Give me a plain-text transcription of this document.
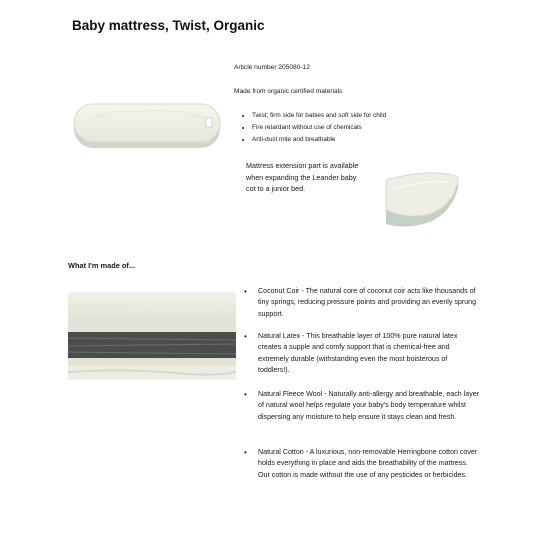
Baby mattress, Twist, Organic
Article number 205080-12
Made from organic certified materials
• Twist; firm side for babies and soft side for child
• Fire retardant without use of chemicals
• Anti-dust mite and breathable
Mattress extension part is available when expanding the Leander baby cot to a junior bed.
What I'm made of...
• Coconut Coir - The natural core of coconut coir acts like thousands of tiny springs, reducing pressure points and providing an evenly sprung support.
• Natural Latex - This breathable layer of 100% pure natural latex creates a supple and comfy support that is chemical-free and extremely durable (withstanding even the most boisterous of toddlers!).
• Natural Fleece Wool - Naturally anti-allergy and breathable, each layer of natural wool helps regulate your baby's body temperature whilst dispersing any moisture to help ensure it stays clean and fresh.
• Natural Cotton - A luxurious, non-removable Herringbone cotton cover holds everything in place and aids the breathability of the mattress. Our cotton is made without the use of any pesticides or herbicides.
